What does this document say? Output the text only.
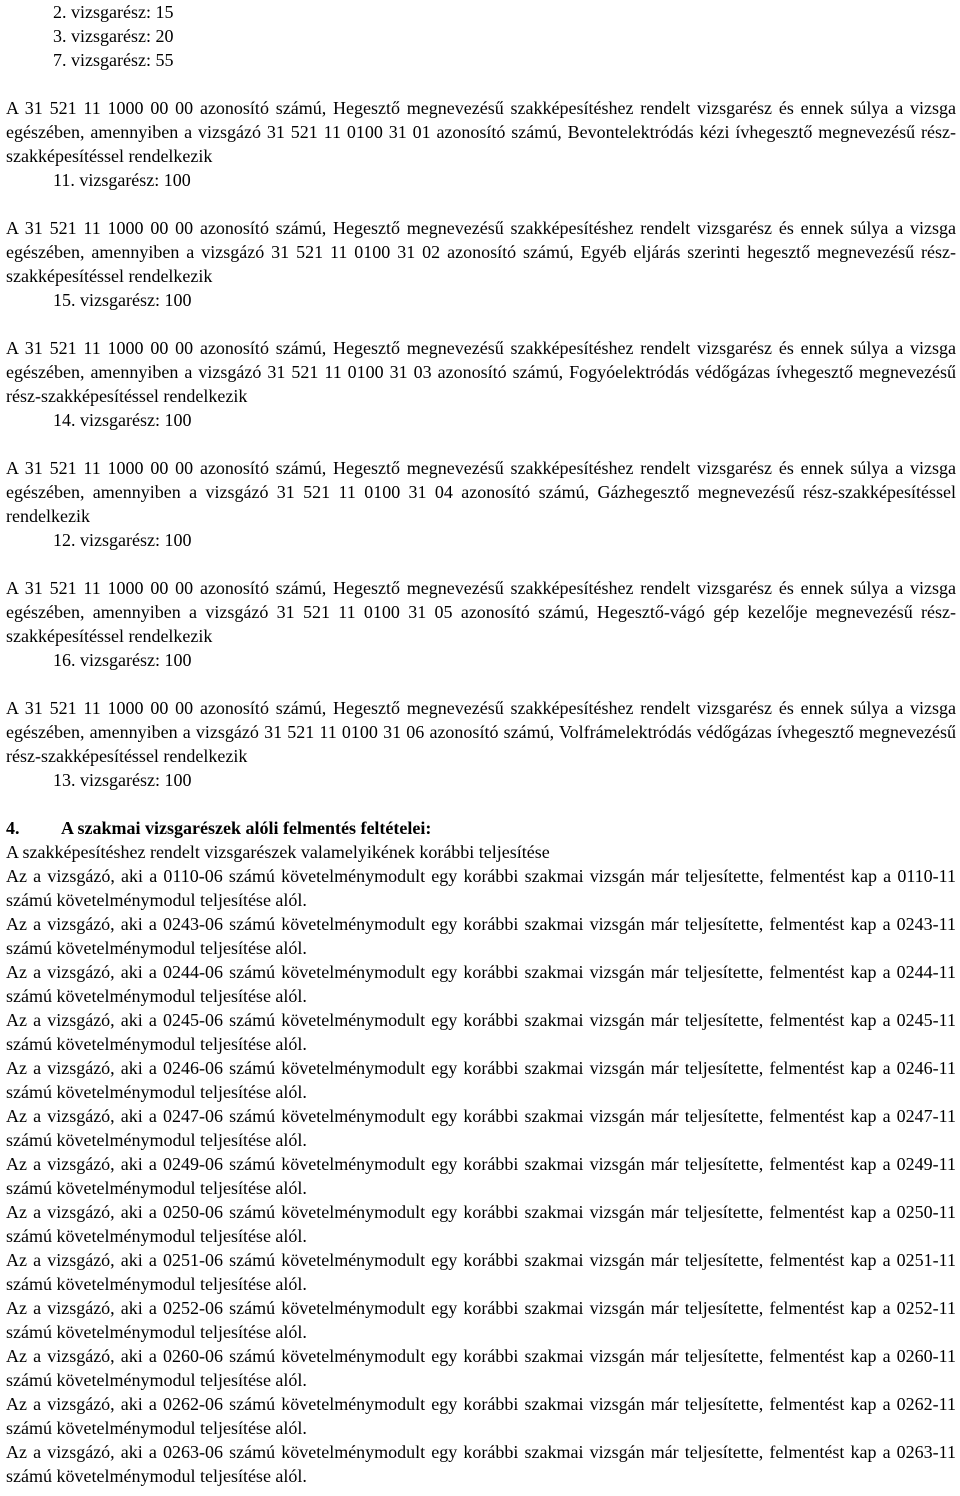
2. vizsgarész: 15
3. vizsgarész: 20
7. vizsgarész: 55
A 31 521 11 1000 00 00 azonosító számú, Hegesztő megnevezésű szakképesítéshez rendelt vizsgarész és ennek súlya a vizsga egészében, amennyiben a vizsgázó 31 521 11 0100 31 01 azonosító számú, Bevontelektródás kézi ívhegesztő megnevezésű rész-szakképesítéssel rendelkezik
11. vizsgarész: 100
A 31 521 11 1000 00 00 azonosító számú, Hegesztő megnevezésű szakképesítéshez rendelt vizsgarész és ennek súlya a vizsga egészében, amennyiben a vizsgázó 31 521 11 0100 31 02 azonosító számú, Egyéb eljárás szerinti hegesztő megnevezésű rész-szakképesítéssel rendelkezik
15. vizsgarész: 100
A 31 521 11 1000 00 00 azonosító számú, Hegesztő megnevezésű szakképesítéshez rendelt vizsgarész és ennek súlya a vizsga egészében, amennyiben a vizsgázó 31 521 11 0100 31 03 azonosító számú, Fogyóelektródás védőgázas ívhegesztő megnevezésű rész-szakképesítéssel rendelkezik
14. vizsgarész: 100
A 31 521 11 1000 00 00 azonosító számú, Hegesztő megnevezésű szakképesítéshez rendelt vizsgarész és ennek súlya a vizsga egészében, amennyiben a vizsgázó 31 521 11 0100 31 04 azonosító számú, Gázhegesztő megnevezésű rész-szakképesítéssel rendelkezik
12. vizsgarész: 100
A 31 521 11 1000 00 00 azonosító számú, Hegesztő megnevezésű szakképesítéshez rendelt vizsgarész és ennek súlya a vizsga egészében, amennyiben a vizsgázó 31 521 11 0100 31 05 azonosító számú, Hegesztő-vágó gép kezelője megnevezésű rész-szakképesítéssel rendelkezik
16. vizsgarész: 100
A 31 521 11 1000 00 00 azonosító számú, Hegesztő megnevezésű szakképesítéshez rendelt vizsgarész és ennek súlya a vizsga egészében, amennyiben a vizsgázó 31 521 11 0100 31 06 azonosító számú, Volfrámelektródás védőgázas ívhegesztő megnevezésű rész-szakképesítéssel rendelkezik
13. vizsgarész: 100
4. A szakmai vizsgarészek alóli felmentés feltételei:
A szakképesítéshez rendelt vizsgarészek valamelyikének korábbi teljesítése
Az a vizsgázó, aki a 0110-06 számú követelménymodult egy korábbi szakmai vizsgán már teljesítette, felmentést kap a 0110-11 számú követelménymodul teljesítése alól.
Az a vizsgázó, aki a 0243-06 számú követelménymodult egy korábbi szakmai vizsgán már teljesítette, felmentést kap a 0243-11 számú követelménymodul teljesítése alól.
Az a vizsgázó, aki a 0244-06 számú követelménymodult egy korábbi szakmai vizsgán már teljesítette, felmentést kap a 0244-11 számú követelménymodul teljesítése alól.
Az a vizsgázó, aki a 0245-06 számú követelménymodult egy korábbi szakmai vizsgán már teljesítette, felmentést kap a 0245-11 számú követelménymodul teljesítése alól.
Az a vizsgázó, aki a 0246-06 számú követelménymodult egy korábbi szakmai vizsgán már teljesítette, felmentést kap a 0246-11 számú követelménymodul teljesítése alól.
Az a vizsgázó, aki a 0247-06 számú követelménymodult egy korábbi szakmai vizsgán már teljesítette, felmentést kap a 0247-11 számú követelménymodul teljesítése alól.
Az a vizsgázó, aki a 0249-06 számú követelménymodult egy korábbi szakmai vizsgán már teljesítette, felmentést kap a 0249-11 számú követelménymodul teljesítése alól.
Az a vizsgázó, aki a 0250-06 számú követelménymodult egy korábbi szakmai vizsgán már teljesítette, felmentést kap a 0250-11 számú követelménymodul teljesítése alól.
Az a vizsgázó, aki a 0251-06 számú követelménymodult egy korábbi szakmai vizsgán már teljesítette, felmentést kap a 0251-11 számú követelménymodul teljesítése alól.
Az a vizsgázó, aki a 0252-06 számú követelménymodult egy korábbi szakmai vizsgán már teljesítette, felmentést kap a 0252-11 számú követelménymodul teljesítése alól.
Az a vizsgázó, aki a 0260-06 számú követelménymodult egy korábbi szakmai vizsgán már teljesítette, felmentést kap a 0260-11 számú követelménymodul teljesítése alól.
Az a vizsgázó, aki a 0262-06 számú követelménymodult egy korábbi szakmai vizsgán már teljesítette, felmentést kap a 0262-11 számú követelménymodul teljesítése alól.
Az a vizsgázó, aki a 0263-06 számú követelménymodult egy korábbi szakmai vizsgán már teljesítette, felmentést kap a 0263-11 számú követelménymodul teljesítése alól.
